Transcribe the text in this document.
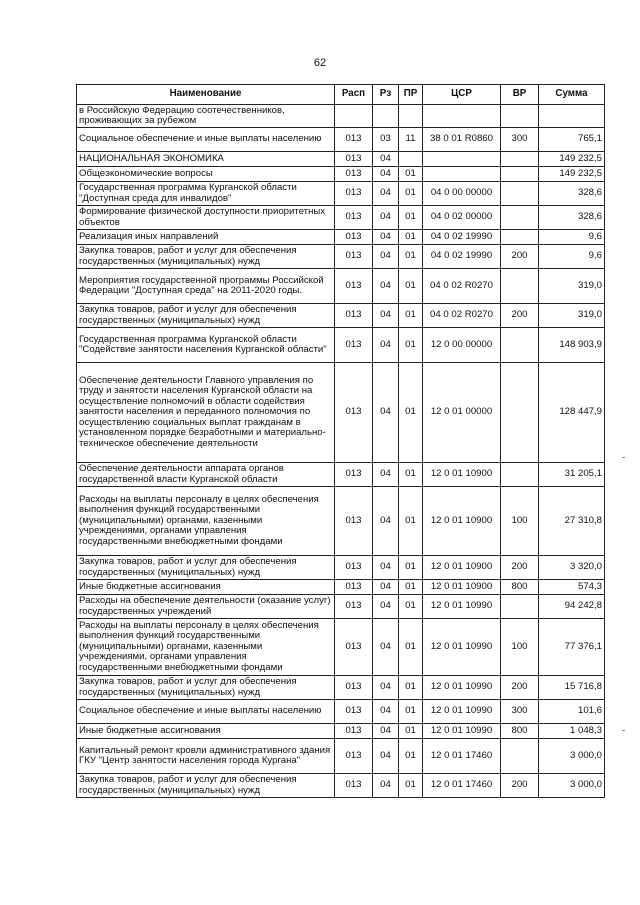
62
Наименование	Расп	Рз	ПР	ЦСР	ВР	Сумма
в Российскую Федерацию соотечественников, проживающих за рубежом						
Социальное обеспечение и иные выплаты населению	013	03	11	38 0 01 R0860	300	765,1
НАЦИОНАЛЬНАЯ ЭКОНОМИКА	013	04				149 232,5
Общеэкономические вопросы	013	04	01			149 232,5
Государственная программа Курганской области "Доступная среда для инвалидов"	013	04	01	04 0 00 00000		328,6
Формирование физической доступности приоритетных объектов	013	04	01	04 0 02 00000		328,6
Реализация иных направлений	013	04	01	04 0 02 19990		9,6
Закупка товаров, работ и услуг для обеспечения государственных (муниципальных) нужд	013	04	01	04 0 02 19990	200	9,6
Мероприятия государственной программы Российской Федерации "Доступная среда" на 2011-2020 годы.	013	04	01	04 0 02 R0270		319,0
Закупка товаров, работ и услуг для обеспечения государственных (муниципальных) нужд	013	04	01	04 0 02 R0270	200	319,0
Государственная программа Курганской области "Содействие занятости населения Курганской области"	013	04	01	12 0 00 00000		148 903,9
Обеспечение деятельности Главного управления по труду и занятости населения Курганской области на осуществление полномочий в области содействия занятости населения и переданного полномочия по осуществлению социальных выплат гражданам в установленном порядке безработными и материально-техническое обеспечение деятельности	013	04	01	12 0 01 00000		128 447,9
Обеспечение деятельности аппарата органов государственной власти Курганской области	013	04	01	12 0 01 10900		31 205,1
Расходы на выплаты персоналу в целях обеспечения выполнения функций государственными (муниципальными) органами, казенными учреждениями, органами управления государственными внебюджетными фондами	013	04	01	12 0 01 10900	100	27 310,8
Закупка товаров, работ и услуг для обеспечения государственных (муниципальных) нужд	013	04	01	12 0 01 10900	200	3 320,0
Иные бюджетные ассигнования	013	04	01	12 0 01 10900	800	574,3
Расходы на обеспечение деятельности (оказание услуг) государственных учреждений	013	04	01	12 0 01 10990		94 242,8
Расходы на выплаты персоналу в целях обеспечения выполнения функций государственными (муниципальными) органами, казенными учреждениями, органами управления государственными внебюджетными фондами	013	04	01	12 0 01 10990	100	77 376,1
Закупка товаров, работ и услуг для обеспечения государственных (муниципальных) нужд	013	04	01	12 0 01 10990	200	15 716,8
Социальное обеспечение и иные выплаты населению	013	04	01	12 0 01 10990	300	101,6
Иные бюджетные ассигнования	013	04	01	12 0 01 10990	800	1 048,3
Капитальный ремонт кровли административного здания ГКУ "Центр занятости населения города Кургана"	013	04	01	12 0 01 17460		3 000,0
Закупка товаров, работ и услуг для обеспечения государственных (муниципальных) нужд	013	04	01	12 0 01 17460	200	3 000,0
